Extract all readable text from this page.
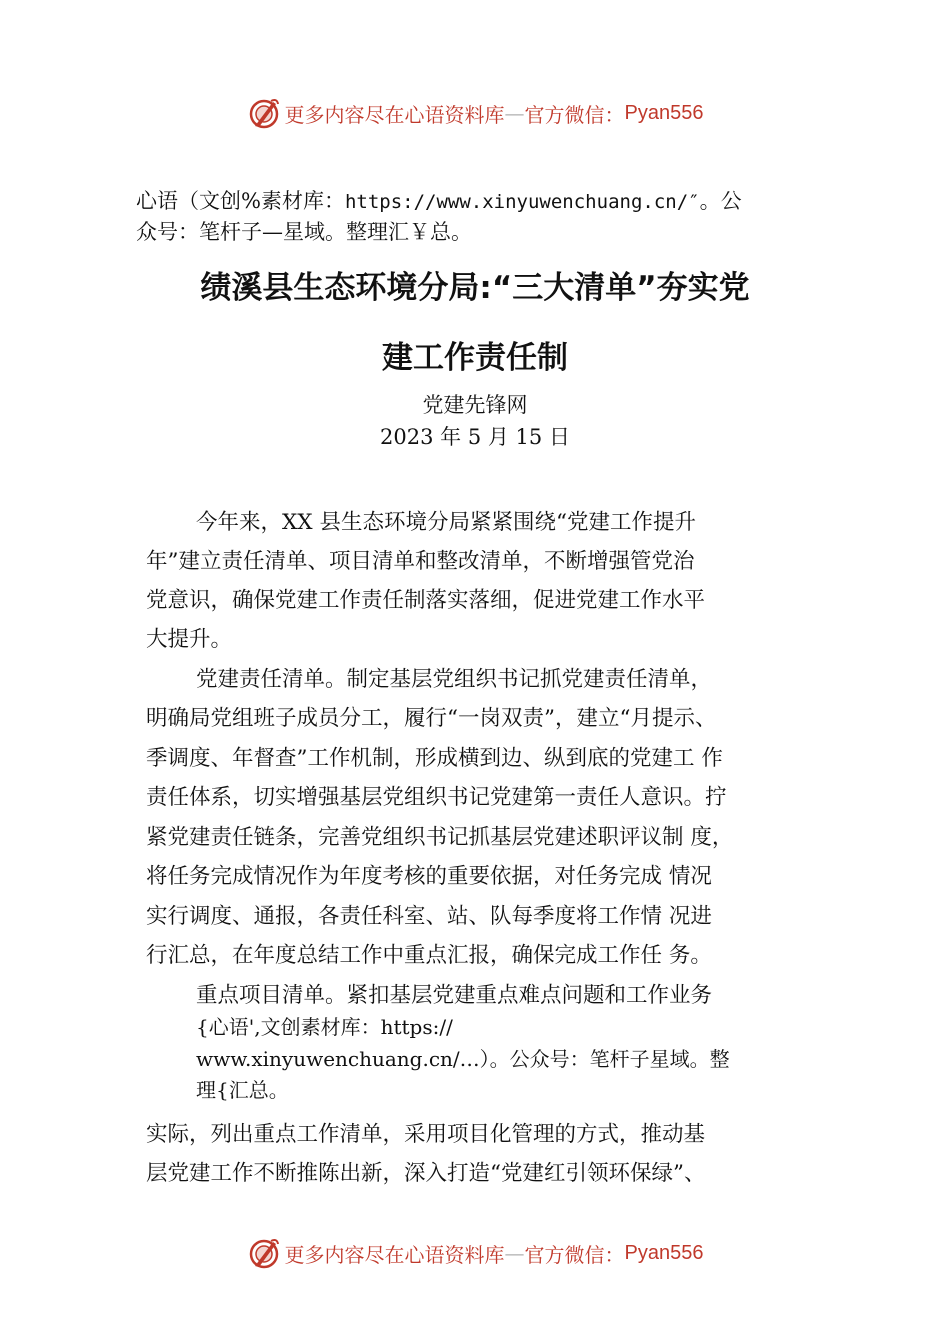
更多内容尽在心语资料库 — 官方微信： Pyan556
心语（文创%素材库：https://www.xinyuwenchuang.cn/″。公
众号：笔杆子—星域。整理汇￥总。
绩溪县生态环境分局:“三大清单”夯实党
建工作责任制
党建先锋网
2023 年 5 月 15 日
今年来，XX 县生态环境分局紧紧围绕“党建工作提升
年”建立责任清单、项目清单和整改清单，不断增强管党治
党意识，确保党建工作责任制落实落细，促进党建工作水平
大提升。
党建责任清单。制定基层党组织书记抓党建责任清单，
明确局党组班子成员分工，履行“一岗双责”，建立“月提示、
季调度、年督查”工作机制，形成横到边、纵到底的党建工 作
责任体系，切实增强基层党组织书记党建第一责任人意识。拧
紧党建责任链条，完善党组织书记抓基层党建述职评议制 度，
将任务完成情况作为年度考核的重要依据，对任务完成 情况
实行调度、通报，各责任科室、站、队每季度将工作情 况进
行汇总，在年度总结工作中重点汇报，确保完成工作任 务。
重点项目清单。紧扣基层党建重点难点问题和工作业务
{心语',文创素材库：https://
www.xinyuwenchuang.cn/…）。公众号：笔杆子星域。整
理{汇总。
实际，列出重点工作清单，采用项目化管理的方式，推动基
层党建工作不断推陈出新，深入打造“党建红引领环保绿”、
更多内容尽在心语资料库 — 官方微信： Pyan556
